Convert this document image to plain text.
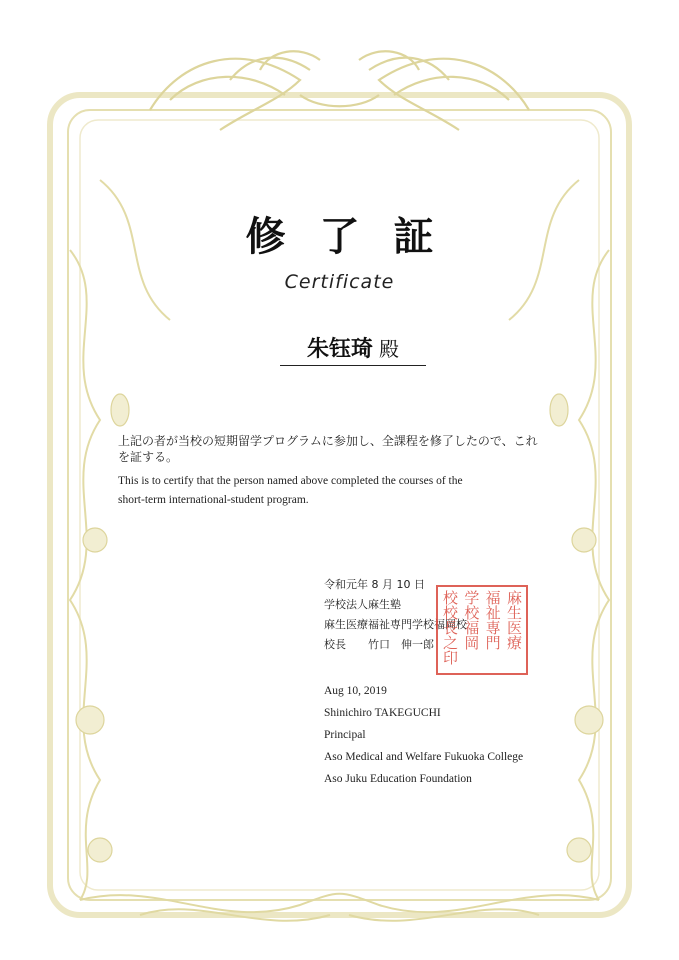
修了証
Certificate
朱钰琦 殿
上記の者が当校の短期留学プログラムに参加し、全課程を修了したので、これ
を証する。
This is to certify that the person named above completed the courses of the
short-term international-student program.
令和元年 8 月 10 日
学校法人麻生塾
麻生医療福祉専門学校福岡校
校長 竹口　伸一郎	麻生医療
福祉専門
学校福岡
校校長之印
Aug 10, 2019
Shinichiro TAKEGUCHI
Principal
Aso Medical and Welfare Fukuoka College
Aso Juku Education Foundation
